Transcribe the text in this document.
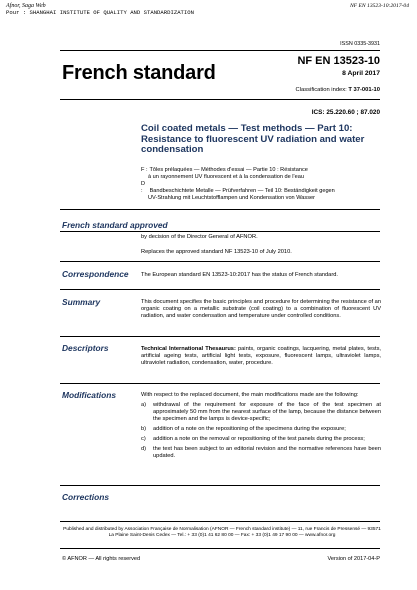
Afnor, Saga Web
Pour : SHANGHAI INSTITUTE OF QUALITY AND STANDARDIZATION
NF EN 13523-10:2017-04
ISSN 0335-3931
French standard
NF EN 13523-10
8 April 2017
Classification index: T 37-001-10
ICS: 25.220.60 ; 87.020
Coil coated metals — Test methods — Part 10: Resistance to fluorescent UV radiation and water condensation
F : Tôles prélaquées — Méthodes d'essai — Partie 10 : Résistance
à un rayonnement UV fluorescent et à la condensation de l'eau
D : Bandbeschichtete Metalle — Prüfverfahren — Teil 10: Beständigkeit gegen
UV-Strahlung mit Leuchtstofflampen und Kondensation von Wasser
French standard approved
by decision of the Director General of AFNOR.
Replaces the approved standard NF 13523-10 of July 2010.
Correspondence The European standard EN 13523-10:2017 has the status of French standard.
Summary	This document specifies the basic principles and procedure for determining the resistance of an organic coating on a metallic substrate (coil coating) to a combination of fluorescent UV radiation, and water condensation and temperature under controlled conditions.
Descriptors	Technical International Thesaurus: paints, organic coatings, lacquering, metal plates, tests, artificial ageing tests, artificial light tests, exposure, fluorescent lamps, ultraviolet lamps, ultraviolet radiation, condensation, water, procedure.
Modifications	With respect to the replaced document, the main modifications made are the following:
a) withdrawal of the requirement for exposure of the face of the test specimen at approximately 50 mm from the nearest surface of the lamp, because the distance between the specimen and the lamps is device-specific;
b) addition of a note on the repositioning of the specimens during the exposure;
c) addition a note on the removal or repositioning of the test panels during the process;
d) the text has been subject to an editorial revision and the normative references have been updated.
Corrections
Published and distributed by Association Française de Normalisation (AFNOR — French standard institute) — 11, rue Francis de Pressensé — 93571 La Plaine Saint-Denis Cedex — Tel.: + 33 (0)1 41 62 80 00 — Fax: + 33 (0)1 49 17 90 00 — www.afnor.org
© AFNOR — All rights reserved	Version of 2017-04-P
